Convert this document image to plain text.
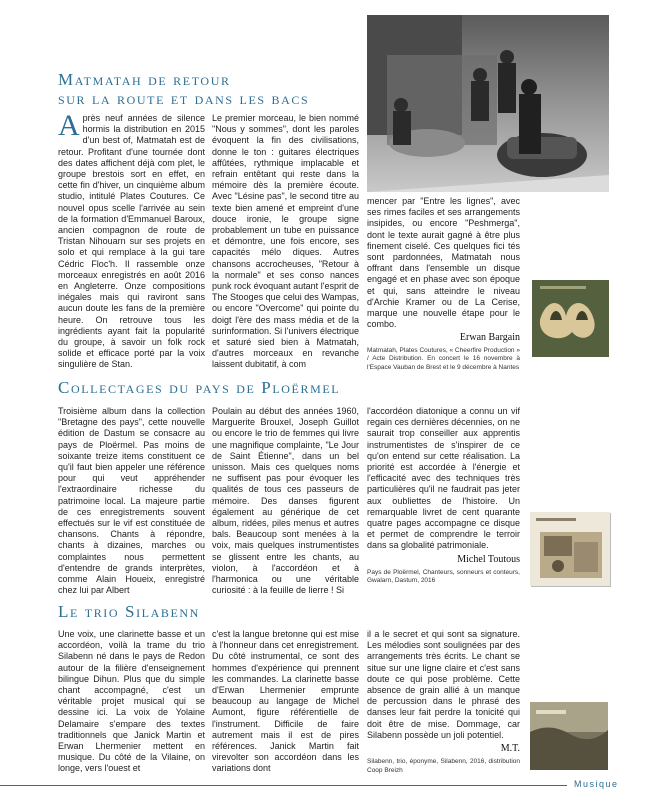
Matmatah de retour
sur la route et dans les bacs
A près neuf années de silence hormis la distribution en 2015 d'un best of, Matmatah est de retour. Profitant d'une tournée dont des dates affichent déjà com plet, le groupe brestois sort en effet, en cette fin d'hiver, un cinquième album studio, intitulé Plates Coutures. Ce nouvel opus scelle l'arrivée au sein de la formation d'Emmanuel Baroux, ancien compagnon de route de Tristan Nihouarn sur ses projets en solo et qui remplace à la gui tare Cédric Floc'h. Il rassemble onze morceaux enregistrés en août 2016 en Angleterre. Onze compositions inégales mais qui raviront sans aucun doute les fans de la première heure. On retrouve tous les ingrédients ayant fait la popularité du groupe, à savoir un folk rock solide et efficace porté par la voix singulière de Stan.

Le premier morceau, le bien nommé "Nous y sommes", dont les paroles évoquent la fin des civilisations, donne le ton : guitares électriques affûtées, rythmique implacable et refrain entêtant qui reste dans la mémoire dès la première écoute. Avec "Lésine pas", le second titre au texte bien amené et empreint d'une douce ironie, le groupe signe probablement un tube en puissance et démontre, une fois encore, ses capacités mélo diques. Autres chansons accrocheuses, "Retour à la normale" et ses conso nances punk rock évoquant autant l'esprit de The Stooges que celui des Wampas, ou encore "Overcome" qui pointe du doigt l'ère des mass média et de la surinformation. Si l'univers électrique et saturé sied bien à Matmatah, d'autres morceaux en revanche laissent dubitatif, à com

mencer par "Entre les lignes", avec ses rimes faciles et ses arrangements insipides, ou encore "Peshmerga", dont le texte aurait gagné à être plus finement ciselé. Ces quelques fici tés sont pardonnées, Matmatah nous offrant dans l'ensemble un disque engagé et en phase avec son époque et qui, sans atteindre le niveau d'Archie Kramer ou de La Cerise, marque une nouvelle étape pour le combo.

Erwan Bargain
Matmatah, Plates Coutures, « Cheerfire Production » / Acte Distribution. En concert le 16 novembre à l'Espace Vauban de Brest et le 9 décembre à Nantes
Collectages du pays de Ploërmel

Troisième album dans la collection "Bretagne des pays", cette nouvelle édition de Dastum se consacre au pays de Ploërmel. Pas moins de soixante treize items constituent ce qu'il faut bien appeler une référence pour qui veut appréhender l'extraordinaire richesse du patrimoine local. La majeure partie de ces enregistrements souvent effectués sur le vif est constituée de chansons. Chants à répondre, chants à dizaines, marches ou complaintes nous permettent d'entendre de grands interprètes, comme Alain Houeix, enregistré chez lui par Albert

Poulain au début des années 1960, Marguerite Brouxel, Joseph Guillot ou encore le trio de femmes qui livre une magnifique complainte, "Le Jour de Saint Étienne", dans un bel unisson. Mais ces quelques noms ne suffisent pas pour évoquer les qualités de tous ces passeurs de mémoire. Des danses figurent également au générique de cet album, ridées, piles menus et autres bals. Beaucoup sont menées à la voix, mais quelques instrumentistes se glissent entre les chants, au violon, à l'accordéon et à l'harmonica ou une véritable curiosité : à la feuille de lierre ! Si

l'accordéon diatonique a connu un vif regain ces dernières décennies, on ne saurait trop conseiller aux apprentis instrumentistes de s'inspirer de ce qu'on entend sur cette réalisation. La priorité est accordée à l'énergie et l'efficacité avec des techniques très particulières qu'il ne faudrait pas jeter aux oubliettes de l'histoire. Un remarquable livret de cent quarante quatre pages accompagne ce disque et permet de comprendre le terroir dans sa globalité patrimoniale.

Michel Toutous
Pays de Ploërmel, Chanteurs, sonneurs et conteurs, Gwalarn, Dastum, 2016
Le trio Silabenn

Une voix, une clarinette basse et un accordéon, voilà la trame du trio Silabenn né dans le pays de Redon autour de la filière d'enseignement bilingue Dihun. Plus que du simple chant accompagné, c'est un véritable projet musical qui se dessine ici. La voix de Yolaine Delamaire s'empare des textes traditionnels que Janick Martin et Erwan Lhermenier mettent en musique. Du côté de la Vilaine, on longe, vers l'ouest et

c'est la langue bretonne qui est mise à l'honneur dans cet enregistrement. Du côté instrumental, ce sont des hommes d'expérience qui prennent les commandes. La clarinette basse d'Erwan Lhermenier emprunte beaucoup au langage de Michel Aumont, figure référentielle de l'instrument. Difficile de faire autrement mais il est de pires références. Janick Martin fait virevolter son accordéon dans les variations dont

il a le secret et qui sont sa signature. Les mélodies sont soulignées par des arrangements très écrits. Le chant se situe sur une ligne claire et c'est sans doute ce qui pose problème. Cette absence de grain allié à un manque de percussion dans le phrasé des danses leur fait perdre la tonicité qui doit être de mise. Dommage, car Silabenn possède un joli potentiel.

M.T.
Silabenn, trio, éponyme, Silabenn, 2016, distribution Coop Breizh
Musique
